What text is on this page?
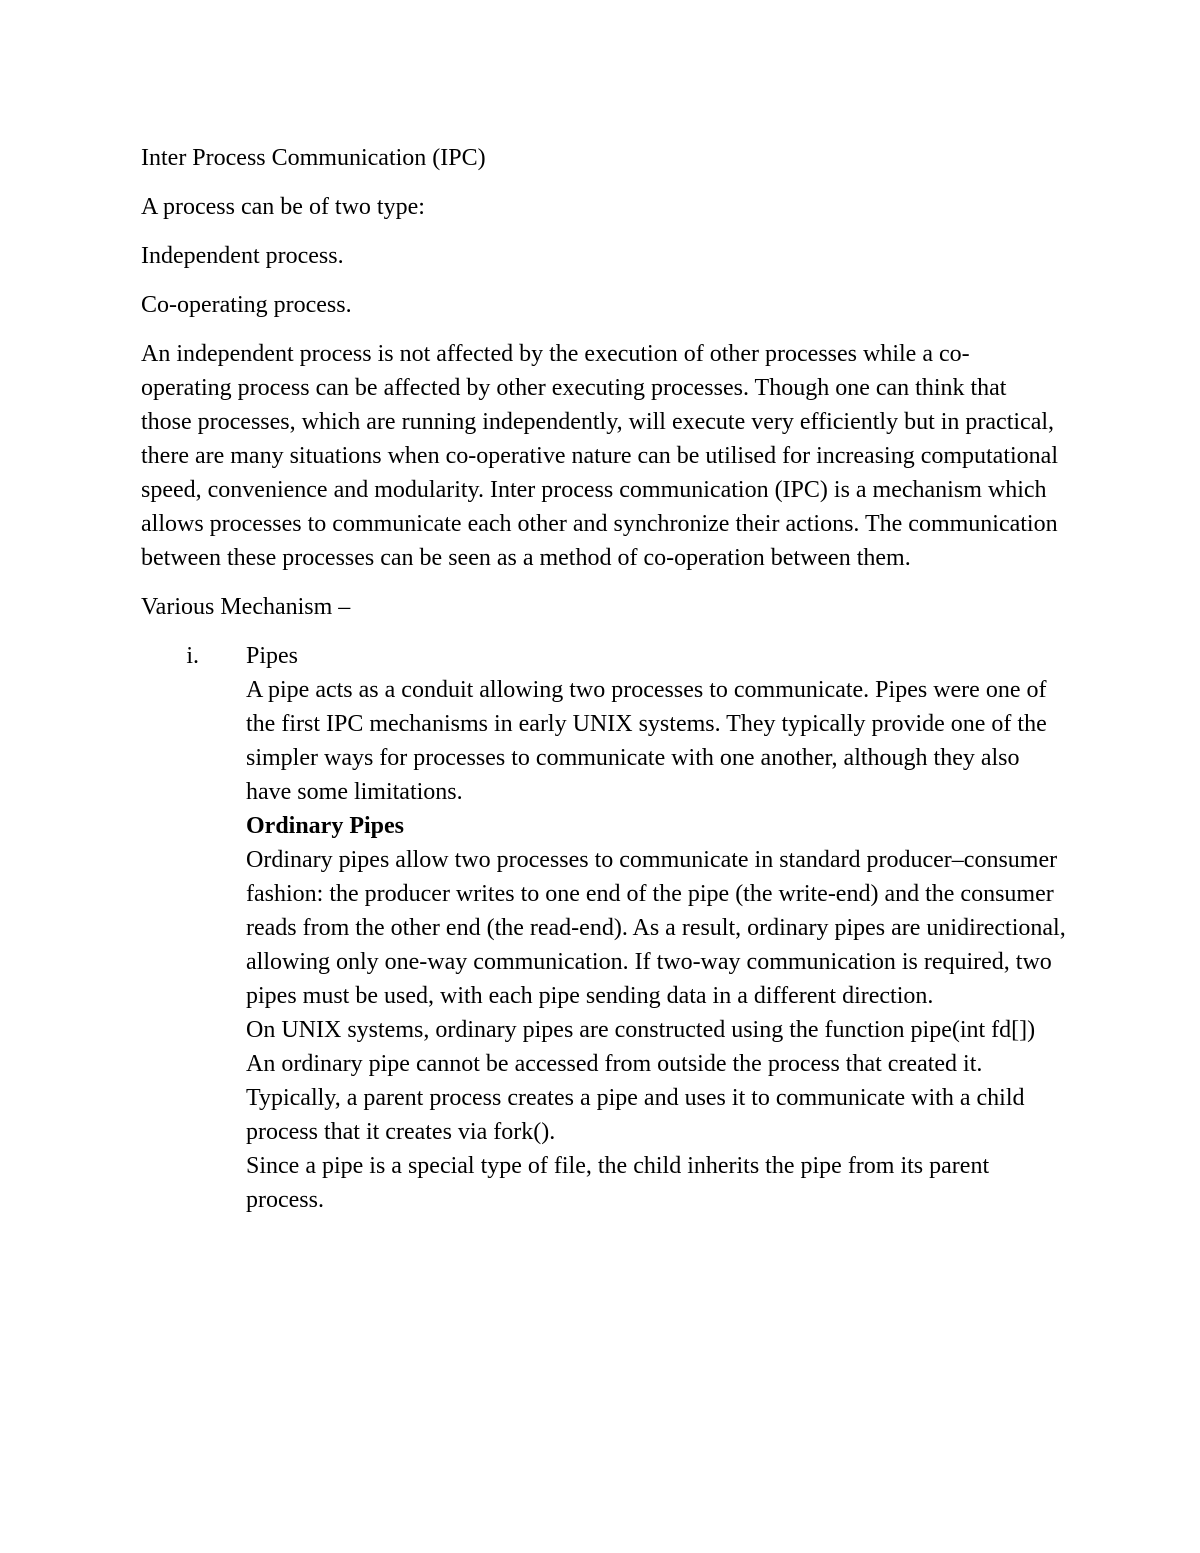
Inter Process Communication (IPC)

A process can be of two type:

Independent process.

Co-operating process.

An independent process is not affected by the execution of other processes while a co-operating process can be affected by other executing processes. Though one can think that those processes, which are running independently, will execute very efficiently but in practical, there are many situations when co-operative nature can be utilised for increasing computational speed, convenience and modularity. Inter process communication (IPC) is a mechanism which allows processes to communicate each other and synchronize their actions. The communication between these processes can be seen as a method of co-operation between them.

Various Mechanism –

i. Pipes
A pipe acts as a conduit allowing two processes to communicate. Pipes were one of the first IPC mechanisms in early UNIX systems. They typically provide one of the simpler ways for processes to communicate with one another, although they also have some limitations.
Ordinary Pipes
Ordinary pipes allow two processes to communicate in standard producer–consumer fashion: the producer writes to one end of the pipe (the write-end) and the consumer reads from the other end (the read-end). As a result, ordinary pipes are unidirectional, allowing only one-way communication. If two-way communication is required, two pipes must be used, with each pipe sending data in a different direction.
On UNIX systems, ordinary pipes are constructed using the function pipe(int fd[])
An ordinary pipe cannot be accessed from outside the process that created it. Typically, a parent process creates a pipe and uses it to communicate with a child process that it creates via fork().
Since a pipe is a special type of file, the child inherits the pipe from its parent process.
